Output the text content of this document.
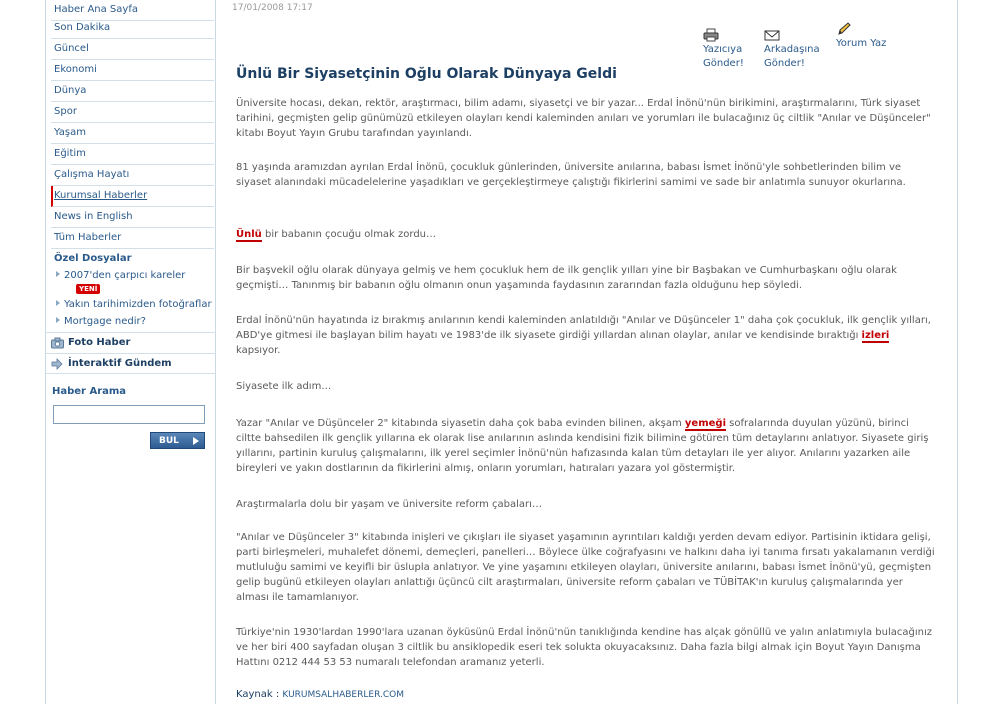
Haber Ana Sayfa
Son Dakika
Güncel
Ekonomi
Dünya
Spor
Yaşam
Eğitim
Çalışma Hayatı
Kurumsal Haberler
News in English
Tüm Haberler
Özel Dosyalar
2007'den çarpıcı kareler
YENİ
Yakın tarihimizden fotoğraflar
Mortgage nedir?
Foto Haber
İnteraktif Gündem
Haber Arama
BUL
17/01/2008 17:17
Yazıcıya
Gönder!
Arkadaşına
Gönder!
Yorum Yaz
Ünlü Bir Siyasetçinin Oğlu Olarak Dünyaya Geldi
Üniversite hocası, dekan, rektör, araştırmacı, bilim adamı, siyasetçi ve bir yazar... Erdal İnönü'nün birikimini, araştırmalarını, Türk siyaset tarihini, geçmişten gelip günümüzü etkileyen olayları kendi kaleminden anıları ve yorumları ile bulacağınız üç ciltlik "Anılar ve Düşünceler" kitabı Boyut Yayın Grubu tarafından yayınlandı.
81 yaşında aramızdan ayrılan Erdal İnönü, çocukluk günlerinden, üniversite anılarına, babası İsmet İnönü'yle sohbetlerinden bilim ve siyaset alanındaki mücadelelerine yaşadıkları ve gerçekleştirmeye çalıştığı fikirlerini samimi ve sade bir anlatımla sunuyor okurlarına.
Ünlü bir babanın çocuğu olmak zordu…
Bir başvekil oğlu olarak dünyaya gelmiş ve hem çocukluk hem de ilk gençlik yılları yine bir Başbakan ve Cumhurbaşkanı oğlu olarak geçmişti… Tanınmış bir babanın oğlu olmanın onun yaşamında faydasının zararından fazla olduğunu hep söyledi.
Erdal İnönü'nün hayatında iz bırakmış anılarının kendi kaleminden anlatıldığı "Anılar ve Düşünceler 1" daha çok çocukluk, ilk gençlik yılları, ABD'ye gitmesi ile başlayan bilim hayatı ve 1983'de ilk siyasete girdiği yıllardan alınan olaylar, anılar ve kendisinde bıraktığı izleri kapsıyor.
Siyasete ilk adım…
Yazar "Anılar ve Düşünceler 2" kitabında siyasetin daha çok baba evinden bilinen, akşam yemeği sofralarında duyulan yüzünü, birinci ciltte bahsedilen ilk gençlik yıllarına ek olarak lise anılarının aslında kendisini fizik bilimine götüren tüm detaylarını anlatıyor. Siyasete giriş yıllarını, partinin kuruluş çalışmalarını, ilk yerel seçimler İnönü'nün hafızasında kalan tüm detayları ile yer alıyor. Anılarını yazarken aile bireyleri ve yakın dostlarının da fikirlerini almış, onların yorumları, hatıraları yazara yol göstermiştir.
Araştırmalarla dolu bir yaşam ve üniversite reform çabaları…
"Anılar ve Düşünceler 3" kitabında inişleri ve çıkışları ile siyaset yaşamının ayrıntıları kaldığı yerden devam ediyor. Partisinin iktidara gelişi, parti birleşmeleri, muhalefet dönemi, demeçleri, panelleri… Böylece ülke coğrafyasını ve halkını daha iyi tanıma fırsatı yakalamanın verdiği mutluluğu samimi ve keyifli bir üslupla anlatıyor. Ve yine yaşamını etkileyen olayları, üniversite anılarını, babası İsmet İnönü'yü, geçmişten gelip bugünü etkileyen olayları anlattığı üçüncü cilt araştırmaları, üniversite reform çabaları ve TÜBİTAK'ın kuruluş çalışmalarında yer alması ile tamamlanıyor.
Türkiye'nin 1930'lardan 1990'lara uzanan öyküsünü Erdal İnönü'nün tanıklığında kendine has alçak gönüllü ve yalın anlatımıyla bulacağınız ve her biri 400 sayfadan oluşan 3 ciltlik bu ansiklopedik eseri tek solukta okuyacaksınız. Daha fazla bilgi almak için Boyut Yayın Danışma Hattını 0212 444 53 53 numaralı telefondan aramanız yeterli.
Kaynak : KURUMSALHABERLER.COM
